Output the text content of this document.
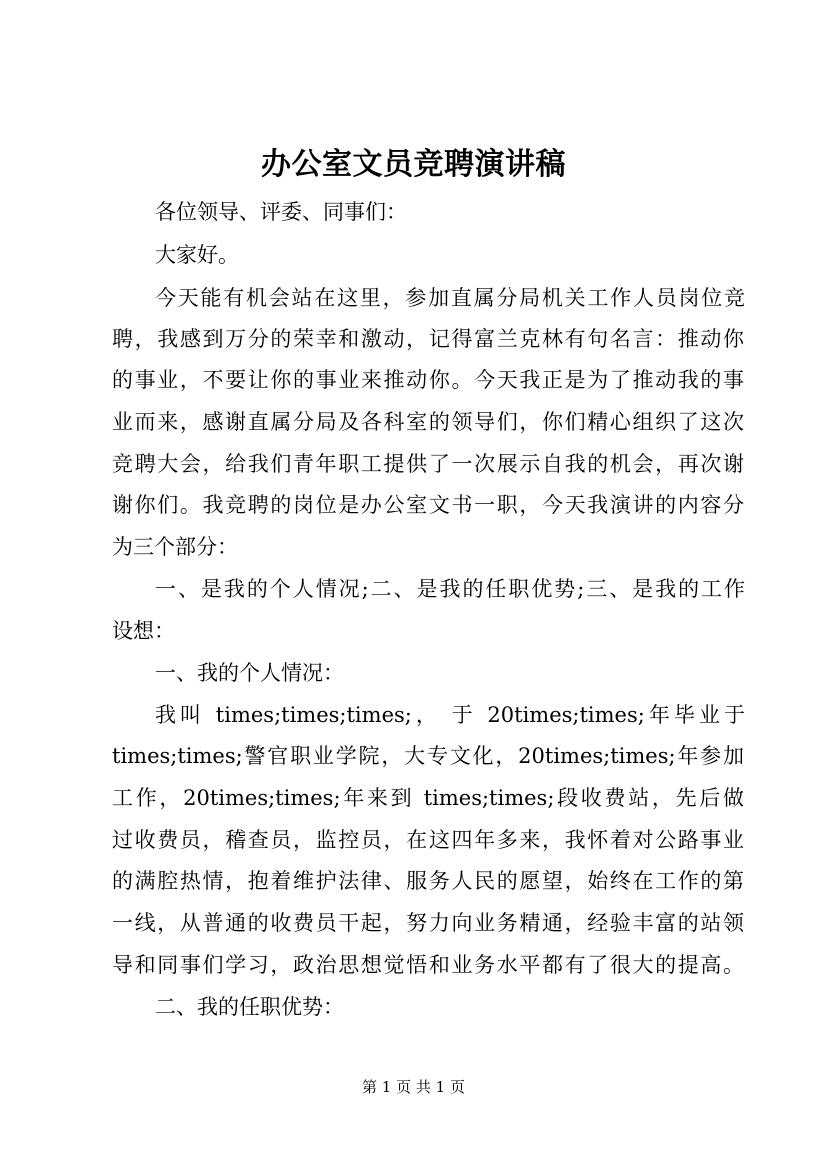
办公室文员竞聘演讲稿
各位领导、评委、同事们：
大家好。
今天能有机会站在这里，参加直属分局机关工作人员岗位竞
聘，我感到万分的荣幸和激动，记得富兰克林有句名言：推动你
的事业，不要让你的事业来推动你。今天我正是为了推动我的事
业而来，感谢直属分局及各科室的领导们，你们精心组织了这次
竞聘大会，给我们青年职工提供了一次展示自我的机会，再次谢
谢你们。我竞聘的岗位是办公室文书一职，今天我演讲的内容分
为三个部分：
一、是我的个人情况;二、是我的任职优势;三、是我的工作
设想：
一、我的个人情况：
我叫 times;times;times;， 于 20times;times;年毕业于
times;times;警官职业学院，大专文化，20times;times;年参加
工作，20times;times;年来到 times;times;段收费站，先后做
过收费员，稽查员，监控员，在这四年多来，我怀着对公路事业
的满腔热情，抱着维护法律、服务人民的愿望，始终在工作的第
一线，从普通的收费员干起，努力向业务精通，经验丰富的站领
导和同事们学习，政治思想觉悟和业务水平都有了很大的提高。
二、我的任职优势：
第 1 页 共 1 页
